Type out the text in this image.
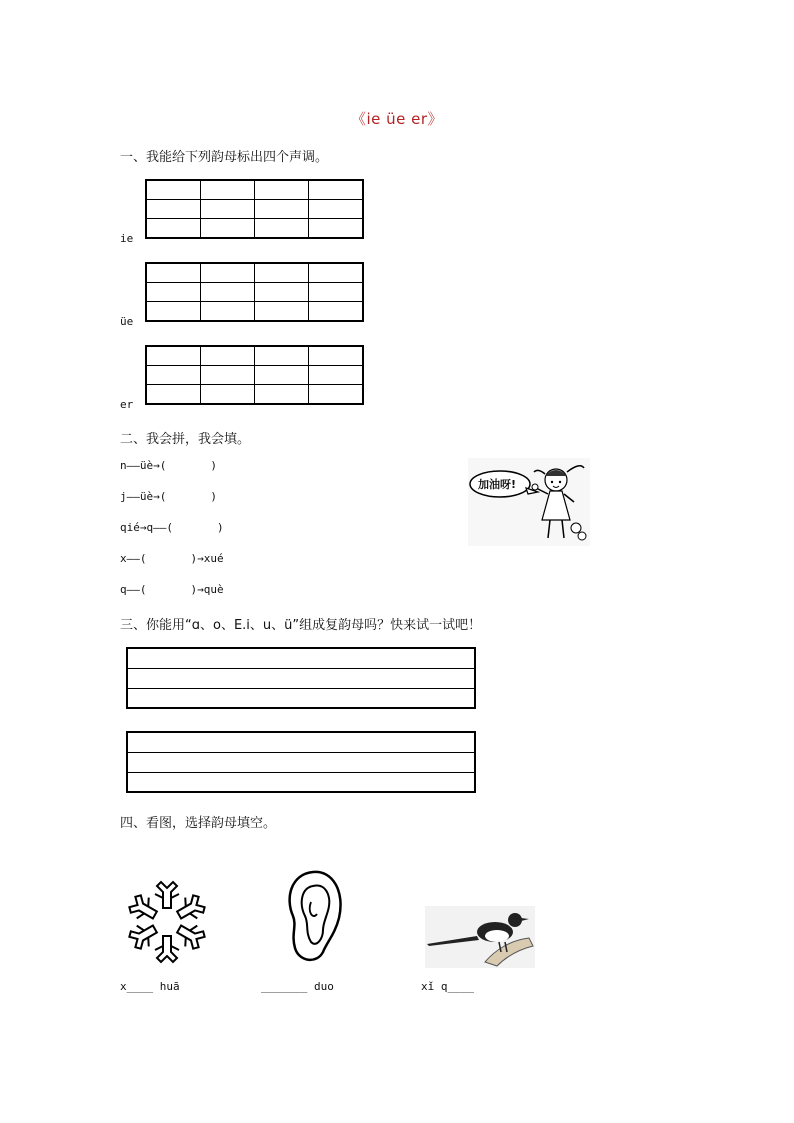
《ie üe er》
一、我能给下列韵母标出四个声调。

ie

üe

er
二、我会拼，我会填。
n——üè→(	)
j——üè→(	)
qié→q——(	)
x——(	)→xué
q——(	)→què
加油呀!
三、你能用“ɑ、o、E.i、u、ü”组成复韵母吗？快来试一试吧！
四、看图，选择韵母填空。
x____ huā	_______ duo	xǐ q____
